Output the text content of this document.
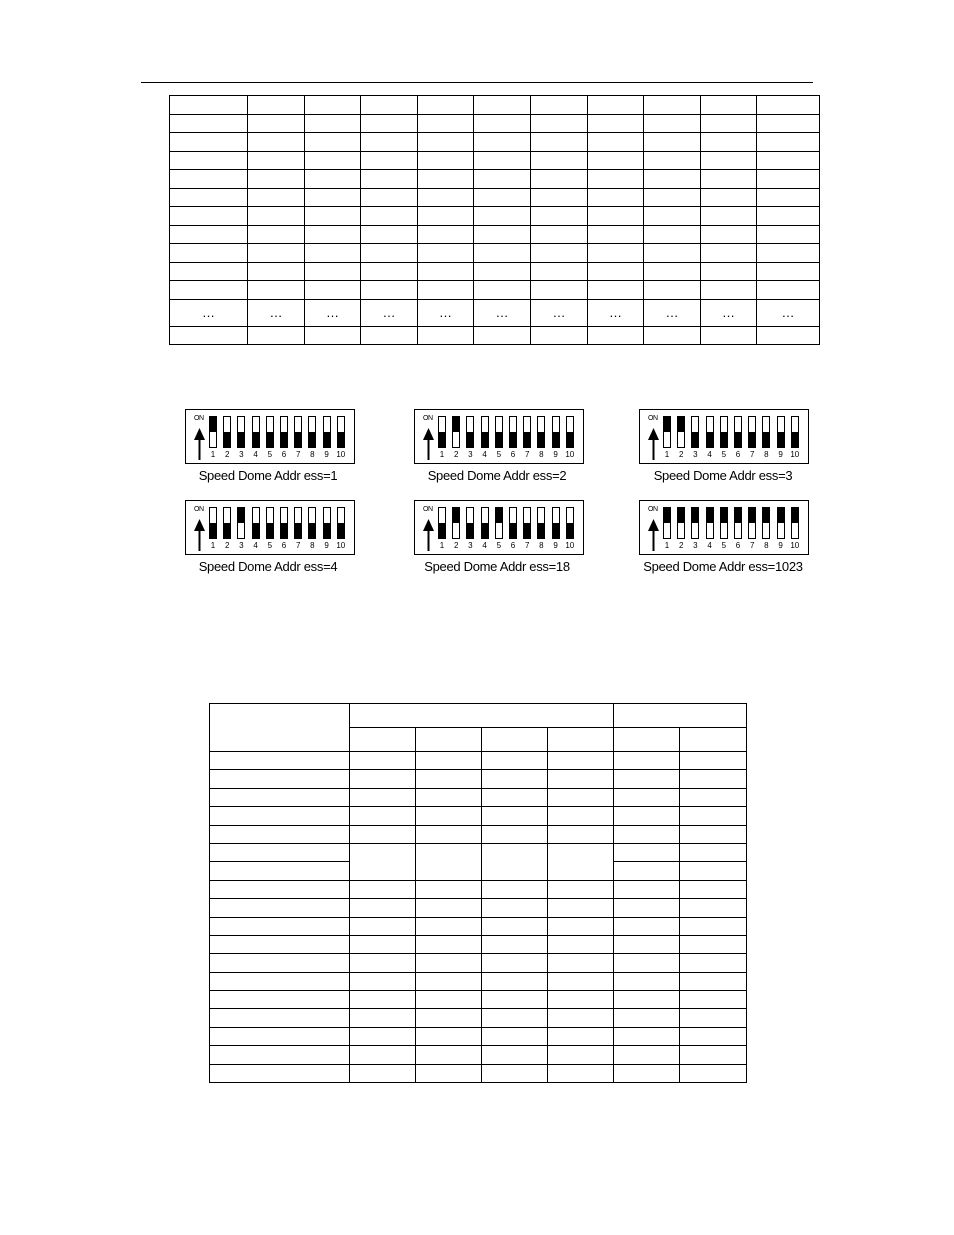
…	…	…	…	…	…	…	…	…	…	…

ON
1	2	3	4	5	6	7	8	9 10
Speed Dome Addr ess=1
ON
1	2	3	4	5	6	7	8	9 10
Speed Dome Addr ess=2
ON
1	2	3	4	5	6	7	8	9 10
Speed Dome Addr ess=3
ON
1	2	3	4	5	6	7	8	9 10
Speed Dome Addr ess=4
ON
1	2	3	4	5	6	7	8	9 10
Speed Dome Addr ess=18
ON
1	2	3	4	5	6	7	8	9 10
Speed Dome Addr ess=1023
